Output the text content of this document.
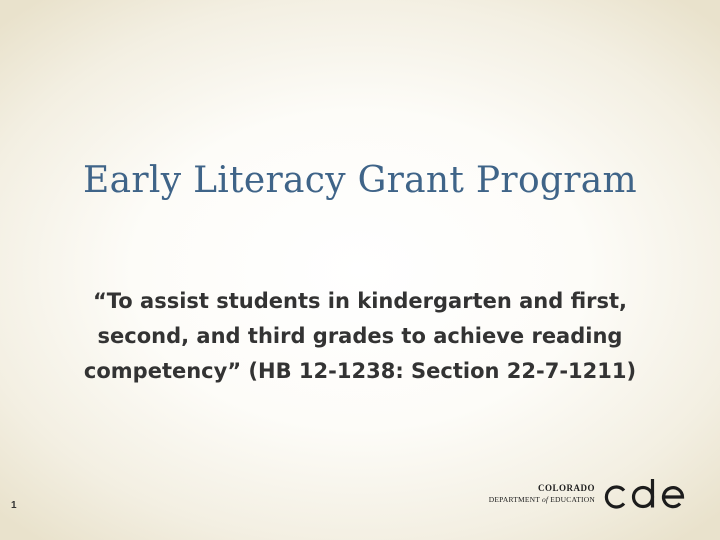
Early Literacy Grant Program
“To assist students in kindergarten and first, second, and third grades to achieve reading competency” (HB 12-1238: Section 22-7-1211)
COLORADO
DEPARTMENT of EDUCATION
1
